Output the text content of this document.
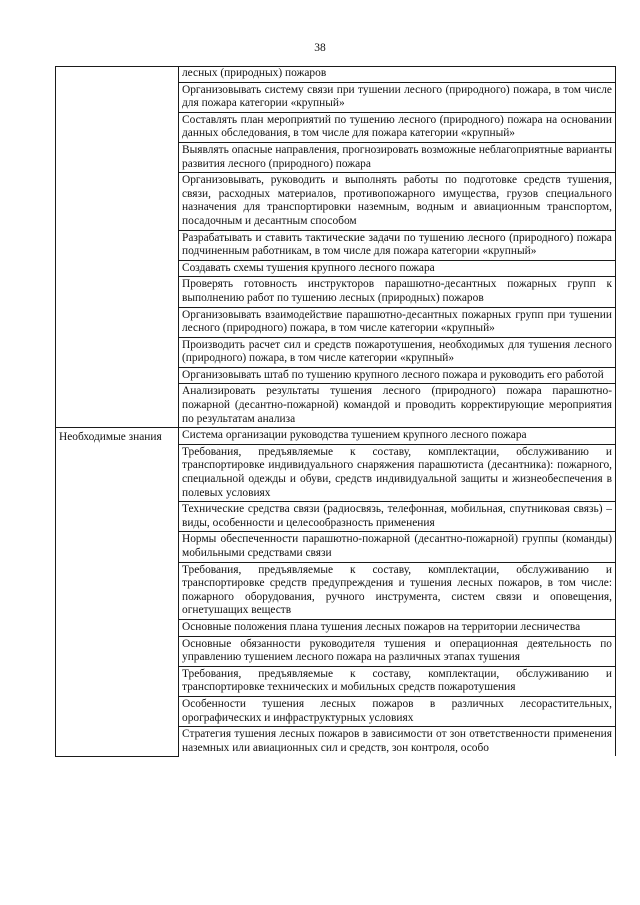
38
	лесных (природных) пожаров
	Организовывать систему связи при тушении лесного (природного) пожара, в том числе для пожара категории «крупный»
	Составлять план мероприятий по тушению лесного (природного) пожара на основании данных обследования, в том числе для пожара категории «крупный»
	Выявлять опасные направления, прогнозировать возможные неблагоприятные варианты развития лесного (природного) пожара
	Организовывать, руководить и выполнять работы по подготовке средств тушения, связи, расходных материалов, противопожарного имущества, грузов специального назначения для транспортировки наземным, водным и авиационным транспортом, посадочным и десантным способом
	Разрабатывать и ставить тактические задачи по тушению лесного (природного) пожара подчиненным работникам, в том числе для пожара категории «крупный»
	Создавать схемы тушения крупного лесного пожара
	Проверять готовность инструкторов парашютно-десантных пожарных групп к выполнению работ по тушению лесных (природных) пожаров
	Организовывать взаимодействие парашютно-десантных пожарных групп при тушении лесного (природного) пожара, в том числе категории «крупный»
	Производить расчет сил и средств пожаротушения, необходимых для тушения лесного (природного) пожара, в том числе категории «крупный»
	Организовывать штаб по тушению крупного лесного пожара и руководить его работой
	Анализировать результаты тушения лесного (природного) пожара парашютно-пожарной (десантно-пожарной) командой и проводить корректирующие мероприятия по результатам анализа

Необходимые знания	Система организации руководства тушением крупного лесного пожара
	Требования, предъявляемые к составу, комплектации, обслуживанию и транспортировке индивидуального снаряжения парашютиста (десантника): пожарного, специальной одежды и обуви, средств индивидуальной защиты и жизнеобеспечения в полевых условиях
	Технические средства связи (радиосвязь, телефонная, мобильная, спутниковая связь) – виды, особенности и целесообразность применения
	Нормы обеспеченности парашютно-пожарной (десантно-пожарной) группы (команды) мобильными средствами связи
	Требования, предъявляемые к составу, комплектации, обслуживанию и транспортировке средств предупреждения и тушения лесных пожаров, в том числе: пожарного оборудования, ручного инструмента, систем связи и оповещения, огнетушащих веществ
	Основные положения плана тушения лесных пожаров на территории лесничества
	Основные обязанности руководителя тушения и операционная деятельность по управлению тушением лесного пожара на различных этапах тушения
	Требования, предъявляемые к составу, комплектации, обслуживанию и транспортировке технических и мобильных средств пожаротушения
	Особенности тушения лесных пожаров в различных лесорастительных, орографических и инфраструктурных условиях
	Стратегия тушения лесных пожаров в зависимости от зон ответственности применения наземных или авиационных сил и средств, зон контроля, особо
